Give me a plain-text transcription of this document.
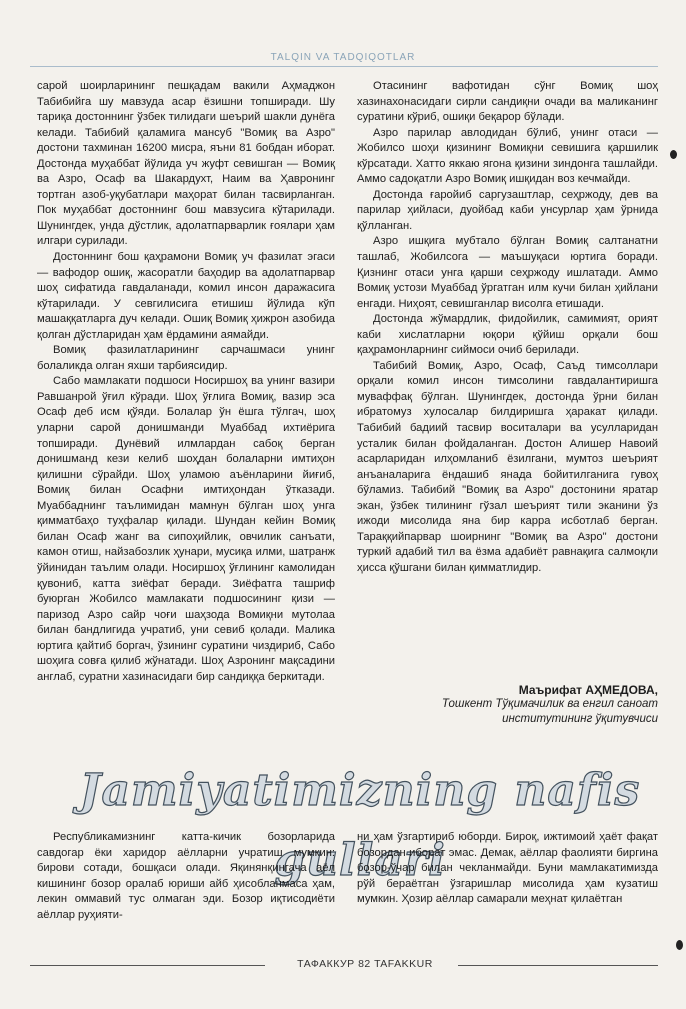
TALQIN VA TADQIQOTLAR

сарой шоирларининг пешқадам вакили Аҳмаджон Табибийга шу мавзуда асар ёзишни топширади. Шу тариқа достоннинг ўзбек тилидаги шеърий шакли дунёга келади. Табибий қаламига мансуб "Вомиқ ва Азро" достони тахминан 16200 мисра, яъни 81 бобдан иборат. Достонда муҳаббат йўлида уч жуфт севишган — Вомиқ ва Азро, Осаф ва Шакардухт, Наим ва Ҳавронинг тортган азоб-уқубатлари маҳорат билан тасвирланган. Пок муҳаббат достоннинг бош мавзусига кўтарилади. Шунингдек, унда дўстлик, адолатпарварлик ғоялари ҳам илгари сурилади.

Достоннинг бош қаҳрамони Вомиқ уч фазилат эгаси — вафодор ошиқ, жасоратли баҳодир ва адолатпарвар шоҳ сифатида гавдаланади, комил инсон даражасига кўтарилади. У севгилисига етишиш йўлида кўп машаққатларга дуч келади. Ошиқ Вомиқ ҳижрон азобида қолган дўстларидан ҳам ёрдамини аямайди.

Вомиқ фазилатларининг сарчашмаси унинг болаликда олган яхши тарбиясидир.

Сабо мамлакати подшоси Носиршоҳ ва унинг вазири Равшанрой ўғил кўради. Шоҳ ўғлига Вомиқ, вазир эса Осаф деб исм қўяди. Болалар ўн ёшга тўлгач, шоҳ уларни сарой донишманди Муаббад ихтиёрига топширади. Дунёвий илмлардан сабоқ берган донишманд кези келиб шоҳдан болаларни имтиҳон қилишни сўрайди. Шоҳ уламою аъёнларини йиғиб, Вомиқ билан Осафни имтиҳондан ўтказади. Муаббаднинг таълимидан мамнун бўлган шоҳ унга қимматбаҳо туҳфалар қилади. Шундан кейин Вомиқ билан Осаф жанг ва сипоҳийлик, овчилик санъати, камон отиш, найзабозлик ҳунари, мусиқа илми, шатранж ўйинидан таълим олади. Носиршоҳ ўғлининг камолидан қувониб, катта зиёфат беради. Зиёфатга ташриф буюрган Жобилсо мамлакати подшосининг қизи — паризод Азро сайр чоғи шаҳзода Вомиқни мутолаа билан бандлигида учратиб, уни севиб қолади. Малика юртига қайтиб боргач, ўзининг суратини чиздириб, Сабо шоҳига совға қилиб жўнатади. Шоҳ Азронинг мақсадини англаб, суратни хазинасидаги бир сандиққа беркитади.

Отасининг вафотидан сўнг Вомиқ шоҳ хазинахонасидаги сирли сандиқни очади ва маликанинг суратини кўриб, ошиқи беқарор бўлади.

Азро парилар авлодидан бўлиб, унинг отаси — Жобилсо шоҳи қизининг Вомиқни севишига қаршилик кўрсатади. Хатто яккаю ягона қизини зиндонга ташлайди. Аммо садоқатли Азро Вомиқ ишқидан воз кечмайди.

Достонда ғаройиб саргузаштлар, сеҳржоду, дев ва парилар ҳийласи, дуойбад каби унсурлар ҳам ўрнида қўлланган.

Азро ишқига мубтало бўлган Вомиқ салтанатни ташлаб, Жобилсога — маъшуқаси юртига боради. Қизнинг отаси унга қарши сеҳржоду ишлатади. Аммо Вомиқ устози Муаббад ўргатган илм кучи билан ҳийлани енгади. Ниҳоят, севишганлар висолга етишади.

Достонда жўмардлик, фидойилик, самимият, орият каби хислатларни юқори қўйиш орқали бош қаҳрамонларнинг сиймоси очиб берилади.

Табибий Вомиқ, Азро, Осаф, Саъд тимсоллари орқали комил инсон тимсолини гавдалантиришга муваффақ бўлган. Шунингдек, достонда ўрни билан ибратомуз хулосалар билдиришга ҳаракат қилади. Табибий бадиий тасвир воситалари ва усулларидан усталик билан фойдаланган. Достон Алишер Навоий асарларидан илҳомланиб ёзилгани, мумтоз шеърият анъаналарига ёндашиб янада бойитилганига гувоҳ бўламиз. Табибий "Вомиқ ва Азро" достонини яратар экан, ўзбек тилининг гўзал шеърият тили эканини ўз ижоди мисолида яна бир карра исботлаб берган. Тараққийпарвар шоирнинг "Вомиқ ва Азро" достони туркий адабий тил ва ёзма адабиёт равнақига салмоқли ҳисса қўшгани билан қимматлидир.

Маърифат АҲМЕДОВА,
Тошкент Тўқимачилик ва енгил саноат
институтининг ўқитувчиси
Jamiyatimizning nafis gullari

Республикамизнинг катта-кичик бозорларида савдогар ёки харидор аёлларни учратиш мумкин: бирови сотади, бошқаси олади. Яқинянқингача аёл кишининг бозор оралаб юриши айб ҳисобланмаса ҳам, лекин оммавий тус олмаган эди. Бозор иқтисодиёти аёллар руҳияти-

ни ҳам ўзгартириб юборди. Бироқ, ижтимоий ҳаёт фақат бозордан иборат эмас. Демак, аёллар фаолияти биргина бозор-ўчар билан чекланмайди. Буни мамлакатимизда рўй бераётган ўзгаришлар мисолида ҳам кузатиш мумкин. Ҳозир аёллар самарали меҳнат қилаётган

ТАФАККУР 82 TAFAKKUR
